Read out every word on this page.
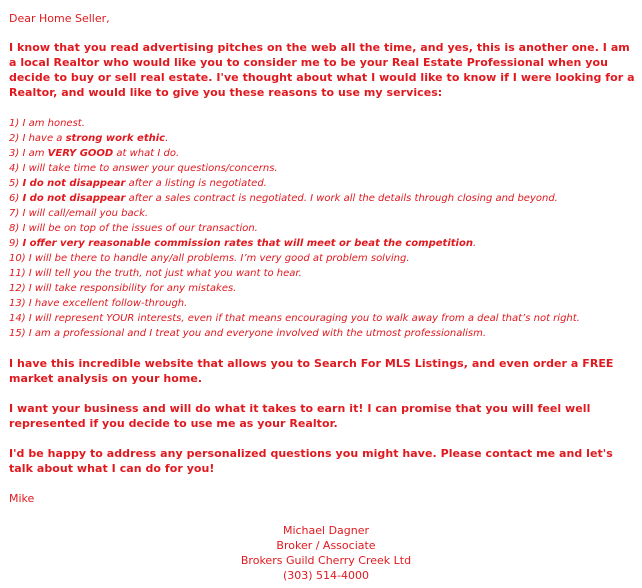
Dear Home Seller,

I know that you read advertising pitches on the web all the time, and yes, this is another one. I am a local Realtor who would like you to consider me to be your Real Estate Professional when you decide to buy or sell real estate. I've thought about what I would like to know if I were looking for a Realtor, and would like to give you these reasons to use my services:

1) I am honest.
2) I have a strong work ethic.
3) I am VERY GOOD at what I do.
4) I will take time to answer your questions/concerns.
5) I do not disappear after a listing is negotiated.
6) I do not disappear after a sales contract is negotiated. I work all the details through closing and beyond.
7) I will call/email you back.
8) I will be on top of the issues of our transaction.
9) I offer very reasonable commission rates that will meet or beat the competition.
10) I will be there to handle any/all problems. I’m very good at problem solving.
11) I will tell you the truth, not just what you want to hear.
12) I will take responsibility for any mistakes.
13) I have excellent follow-through.
14) I will represent YOUR interests, even if that means encouraging you to walk away from a deal that’s not right.
15) I am a professional and I treat you and everyone involved with the utmost professionalism.

I have this incredible website that allows you to Search For MLS Listings, and even order a FREE market analysis on your home.

I want your business and will do what it takes to earn it! I can promise that you will feel well represented if you decide to use me as your Realtor.

I'd be happy to address any personalized questions you might have. Please contact me and let's talk about what I can do for you!

Mike

Michael Dagner
Broker / Associate
Brokers Guild Cherry Creek Ltd
(303) 514-4000
